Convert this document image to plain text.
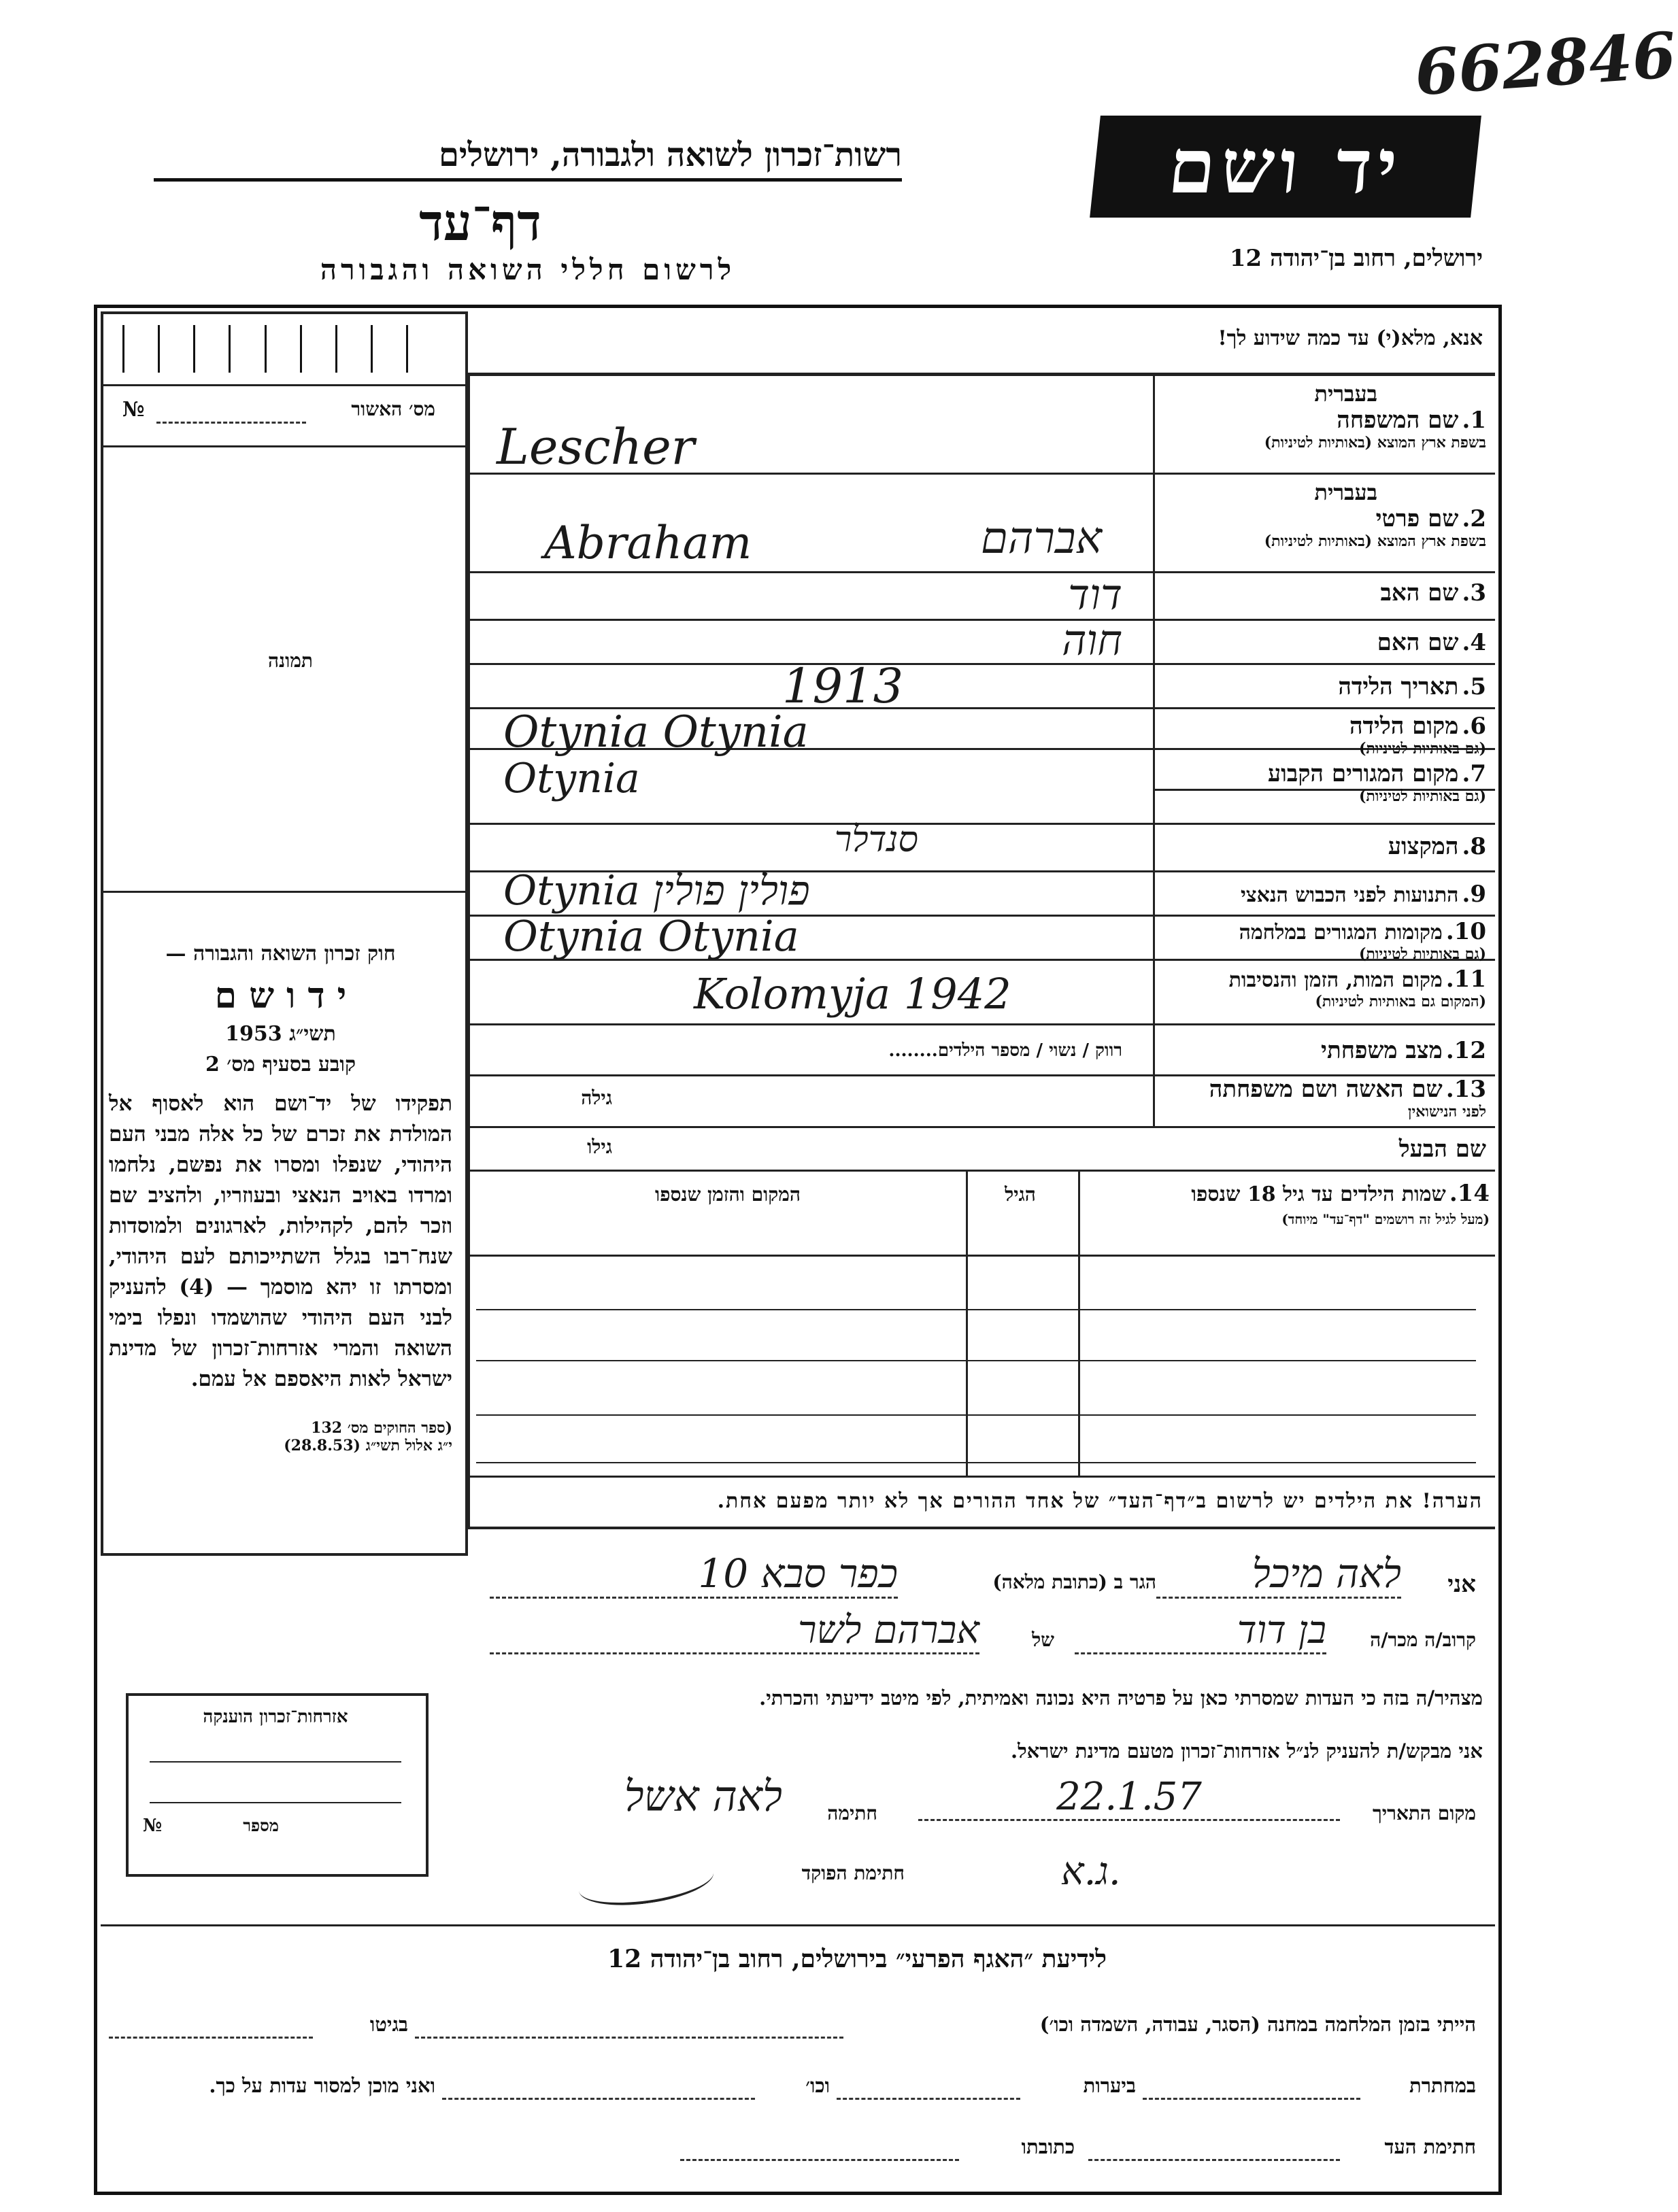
662846
רשות־זכרון לשואה ולגבורה, ירושלים
דף־עד
לרשום חללי השואה והגבורה
יד ושם
ירושלים, רחוב בן־יהודה 12
מס׳ האשור
№
תמונה

חוק זכרון השואה והגבורה —

י ד ו ש ם

תשי״ג 1953

קובע בסעיף מס׳ 2

תפקידו של יד־ושם הוא לאסוף אל המולדת את זכרם של כל אלה מבני העם היהודי, שנפלו ומסרו את נפשם, נלחמו ומרדו באויב הנאצי ובעוזריו, ולהציב שם וזכר להם, לקהילות, לארגונים ולמוסדות שנח־רבו בגלל השתייכותם לעם היהודי, ומסרתו זו יהא מוסמך — (4) להעניק לבני העם היהודי שהושמדו ונפלו בימי השואה והמרי אזרחות־זכרון של מדינת ישראל לאות היאספם אל עמם.

(ספר החוקים מס׳ 132

י״ג אלול תשי״ג (28.8.53)

אזרחות־זכרון הוענקה
מספר
№
אנא, מלא(י) עד כמה שידוע לך!
בעברית
1. שם המשפחה
בשפת ארץ המוצא (באותיות לטיניות)
Lescher
בעברית
2. שם פרטי
בשפת ארץ המוצא (באותיות לטיניות)
Abraham	אברהם
3. שם האב
דוד
4. שם האם
חוה
5. תאריך הלידה
1913
6. מקום הלידה
(גם באותיות לטיניות)
Otynia Otynia
7. מקום המגורים הקבוע
(גם באותיות לטיניות)
Otynia
8. המקצוע
סנדלר
9. התנועות לפני הכבוש הנאצי
Otynia פולין פולין
10. מקומות המגורים במלחמה
(גם באותיות לטיניות)
Otynia Otynia
11. מקום המות, הזמן והנסיבות
(המקום גם באותיות לטיניות)
Kolomyja 1942
12. מצב משפחתי
רווק / נשוי / מספר הילדים........
13. שם האשה ושם משפחתה
לפני הנישואין
גילה
שם הבעל
גילו
14. שמות הילדים עד גיל 18 שנספו
(מעל לגיל זה רושמים "דף־עד" מיוחד)
הגיל
המקום והזמן שנספו
הערה! את הילדים יש לרשום ב״דף־העד״ של אחד ההורים אך לא יותר מפעם אחת.
אני
לאה מיכל
הגר ב (כתובת מלאה)
כפר סבא 10
קרוב/ה מכר/ה
בן דוד
של
אברהם לשר
מצהיר/ה בזה כי העדות שמסרתי כאן על פרטיה היא נכונה ואמיתית, לפי מיטב ידיעתי והכרתי.
אני מבקש/ת להעניק לנ״ל אזרחות־זכרון מטעם מדינת ישראל.
מקום התאריך
22.1.57
חתימה
לאה אשל
חתימת הפוקד	ג.א.
לידיעת ״האגף הפרעי״ בירושלים, רחוב בן־יהודה 12
הייתי בזמן המלחמה במחנה (הסגר, עבודה, השמדה וכו׳)
בגיטו
במחתרת
ביערות
וכו׳
ואני מוכן למסור עדות על כך.
חתימת העד
כתובתו
